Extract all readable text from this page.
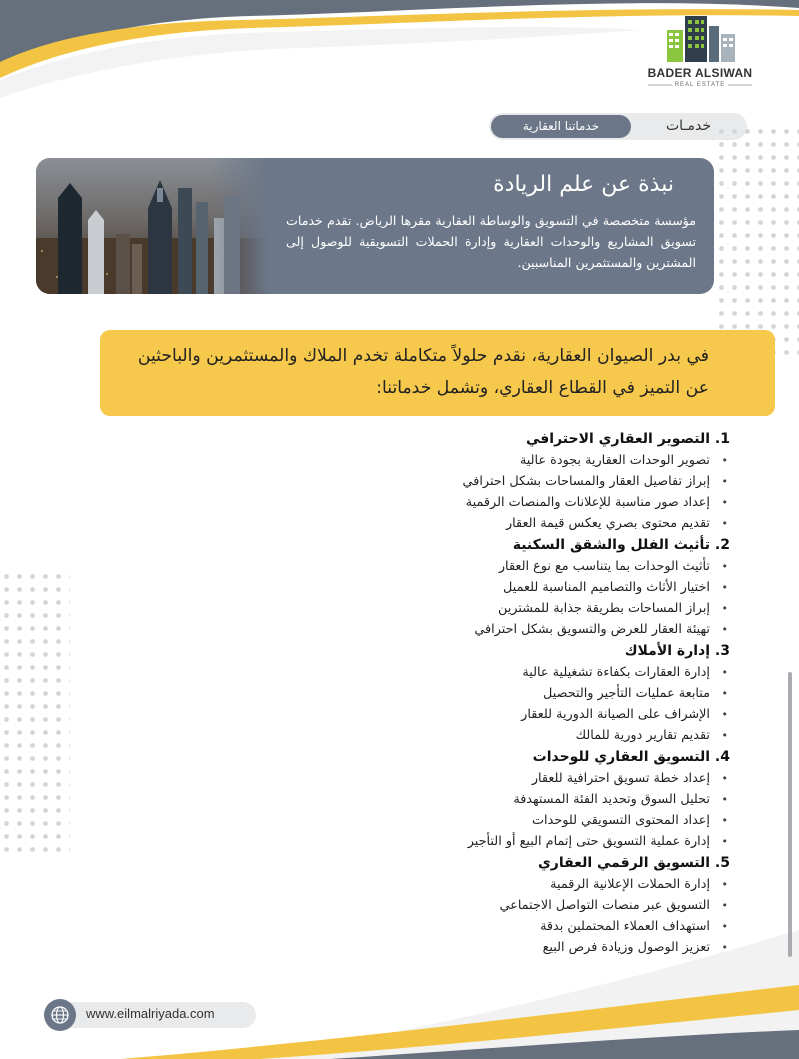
BADER ALSIWAN
REAL ESTATE
خدمـات
خدماتنا العقارية
نبذة عن علم الريادة
مؤسسة متخصصة في التسويق والوساطة العقارية مقرها الرياض. تقدم خدمات تسويق المشاريع والوحدات العقارية وإدارة الحملات التسويقية للوصول إلى المشترين والمستثمرين المناسبين.
في بدر الصيوان العقارية، نقدم حلولاً متكاملة تخدم الملاك والمستثمرين والباحثين عن التميز في القطاع العقاري، وتشمل خدماتنا:
1. التصوير العقاري الاحترافي
• تصوير الوحدات العقارية بجودة عالية
• إبراز تفاصيل العقار والمساحات بشكل احترافي
• إعداد صور مناسبة للإعلانات والمنصات الرقمية
• تقديم محتوى بصري يعكس قيمة العقار
2. تأثيث الفلل والشقق السكنية
• تأثيث الوحدات بما يتناسب مع نوع العقار
• اختيار الأثاث والتصاميم المناسبة للعميل
• إبراز المساحات بطريقة جذابة للمشترين
• تهيئة العقار للعرض والتسويق بشكل احترافي
3. إدارة الأملاك
• إدارة العقارات بكفاءة تشغيلية عالية
• متابعة عمليات التأجير والتحصيل
• الإشراف على الصيانة الدورية للعقار
• تقديم تقارير دورية للمالك
4. التسويق العقاري للوحدات
• إعداد خطة تسويق احترافية للعقار
• تحليل السوق وتحديد الفئة المستهدفة
• إعداد المحتوى التسويقي للوحدات
• إدارة عملية التسويق حتى إتمام البيع أو التأجير
5. التسويق الرقمي العقاري
• إدارة الحملات الإعلانية الرقمية
• التسويق عبر منصات التواصل الاجتماعي
• استهداف العملاء المحتملين بدقة
• تعزيز الوصول وزيادة فرص البيع
www.eilmalriyada.com
